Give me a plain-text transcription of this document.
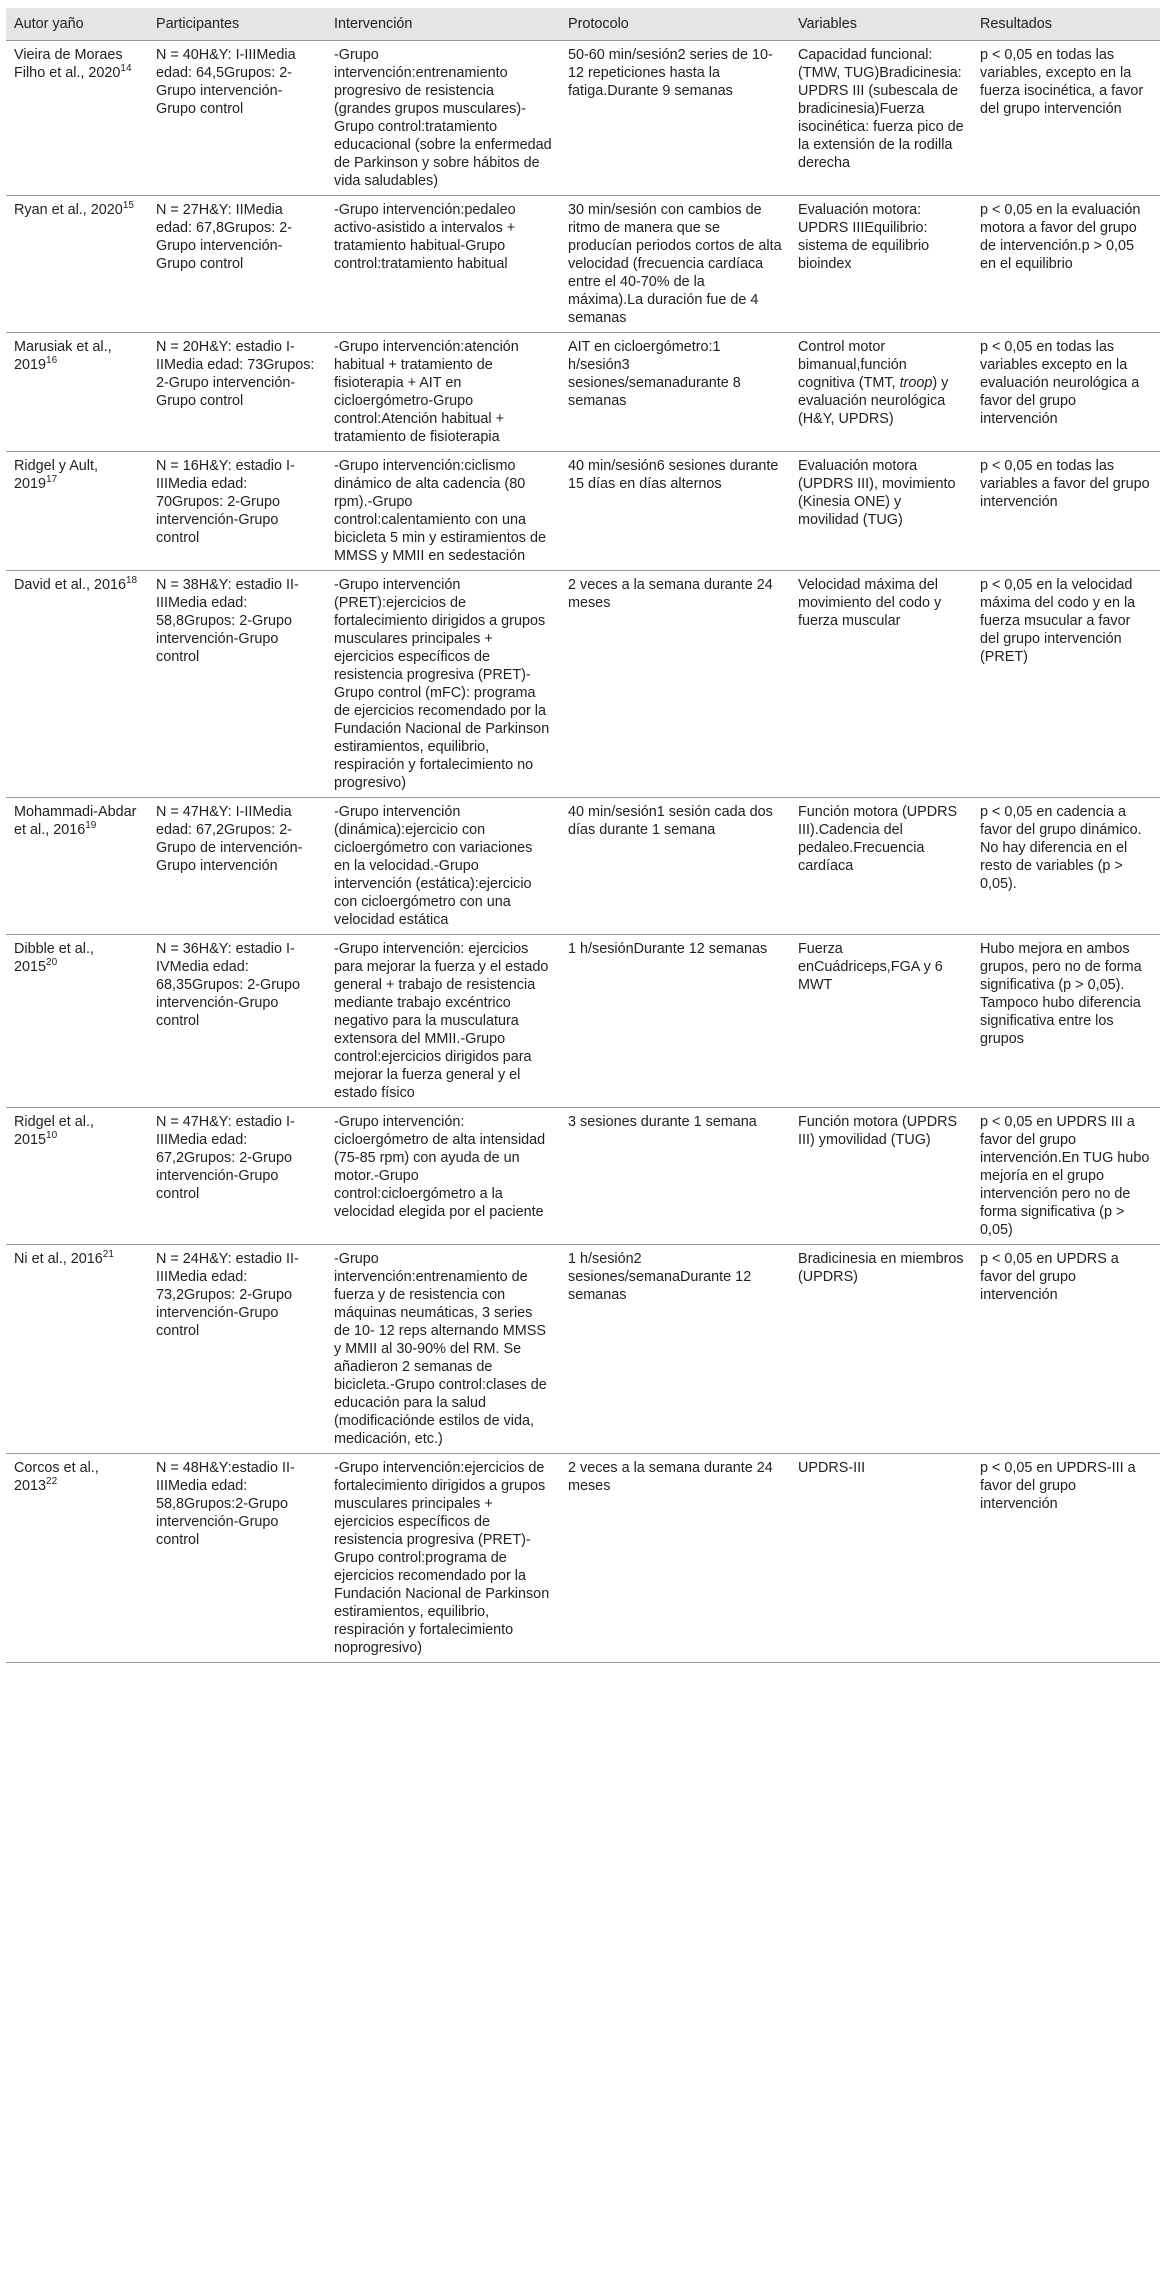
Autor yaño	Participantes	Intervención	Protocolo	Variables	Resultados
Vieira de Moraes Filho et al., 2020$^{14}$	N = 40H&Y: I-IIIMedia edad: 64,5Grupos: 2-Grupo intervención-Grupo control	-Grupo intervención:entrenamiento progresivo de resistencia (grandes grupos musculares)-Grupo control:tratamiento educacional (sobre la enfermedad de Parkinson y sobre hábitos de vida saludables)	50-60 min/sesión2 series de 10-12 repeticiones hasta la fatiga.Durante 9 semanas	Capacidad funcional: (TMW, TUG)Bradicinesia: UPDRS III (subescala de bradicinesia)Fuerza isocinética: fuerza pico de la extensión de la rodilla derecha	p < 0,05 en todas las variables, excepto en la fuerza isocinética, a favor del grupo intervención
Ryan et al., 2020$^{15}$	N = 27H&Y: IIMedia edad: 67,8Grupos: 2-Grupo intervención-Grupo control	-Grupo intervención:pedaleo activo-asistido a intervalos + tratamiento habitual-Grupo control:tratamiento habitual	30 min/sesión con cambios de ritmo de manera que se producían periodos cortos de alta velocidad (frecuencia cardíaca entre el 40-70% de la máxima).La duración fue de 4 semanas	Evaluación motora: UPDRS IIIEquilibrio: sistema de equilibrio bioindex	p < 0,05 en la evaluación motora a favor del grupo de intervención.p > 0,05 en el equilibrio
Marusiak et al., 2019$^{16}$	N = 20H&Y: estadio I-IIMedia edad: 73Grupos: 2-Grupo intervención-Grupo control	-Grupo intervención:atención habitual + tratamiento de fisioterapia + AIT en cicloergómetro-Grupo control:Atención habitual + tratamiento de fisioterapia	AIT en cicloergómetro:1 h/sesión3 sesiones/semanadurante 8 semanas	Control motor bimanual,función cognitiva (TMT, troop) y evaluación neurológica (H&Y, UPDRS)	p < 0,05 en todas las variables excepto en la evaluación neurológica a favor del grupo intervención
Ridgel y Ault, 2019$^{17}$	N = 16H&Y: estadio I-IIIMedia edad: 70Grupos: 2-Grupo intervención-Grupo control	-Grupo intervención:ciclismo dinámico de alta cadencia (80 rpm).-Grupo control:calentamiento con una bicicleta 5 min y estiramientos de MMSS y MMII en sedestación	40 min/sesión6 sesiones durante 15 días en días alternos	Evaluación motora (UPDRS III), movimiento (Kinesia ONE) y movilidad (TUG)	p < 0,05 en todas las variables a favor del grupo intervención
David et al., 2016$^{18}$	N = 38H&Y: estadio II-IIIMedia edad: 58,8Grupos: 2-Grupo intervención-Grupo control	-Grupo intervención (PRET):ejercicios de fortalecimiento dirigidos a grupos musculares principales + ejercicios específicos de resistencia progresiva (PRET)-Grupo control (mFC): programa de ejercicios recomendado por la Fundación Nacional de Parkinson estiramientos, equilibrio, respiración y fortalecimiento no progresivo)	2 veces a la semana durante 24 meses	Velocidad máxima del movimiento del codo y fuerza muscular	p < 0,05 en la velocidad máxima del codo y en la fuerza msucular a favor del grupo intervención (PRET)
Mohammadi-Abdar et al., 2016$^{19}$	N = 47H&Y: I-IIMedia edad: 67,2Grupos: 2-Grupo de intervención-Grupo intervención	-Grupo intervención (dinámica):ejercicio con cicloergómetro con variaciones en la velocidad.-Grupo intervención (estática):ejercicio con cicloergómetro con una velocidad estática	40 min/sesión1 sesión cada dos días durante 1 semana	Función motora (UPDRS III).Cadencia del pedaleo.Frecuencia cardíaca	p < 0,05 en cadencia a favor del grupo dinámico. No hay diferencia en el resto de variables (p > 0,05).
Dibble et al., 2015$^{20}$	N = 36H&Y: estadio I-IVMedia edad: 68,35Grupos: 2-Grupo intervención-Grupo control	-Grupo intervención: ejercicios para mejorar la fuerza y el estado general + trabajo de resistencia mediante trabajo excéntrico negativo para la musculatura extensora del MMII.-Grupo control:ejercicios dirigidos para mejorar la fuerza general y el estado físico	1 h/sesiónDurante 12 semanas	Fuerza enCuádriceps,FGA y 6 MWT	Hubo mejora en ambos grupos, pero no de forma significativa (p > 0,05). Tampoco hubo diferencia significativa entre los grupos
Ridgel et al., 2015$^{10}$	N = 47H&Y: estadio I-IIIMedia edad: 67,2Grupos: 2-Grupo intervención-Grupo control	-Grupo intervención: cicloergómetro de alta intensidad (75-85 rpm) con ayuda de un motor.-Grupo control:cicloergómetro a la velocidad elegida por el paciente	3 sesiones durante 1 semana	Función motora (UPDRS III) ymovilidad (TUG)	p < 0,05 en UPDRS III a favor del grupo intervención.En TUG hubo mejoría en el grupo intervención pero no de forma significativa (p > 0,05)
Ni et al., 2016$^{21}$	N = 24H&Y: estadio II-IIIMedia edad: 73,2Grupos: 2-Grupo intervención-Grupo control	-Grupo intervención:entrenamiento de fuerza y de resistencia con máquinas neumáticas, 3 series de 10- 12 reps alternando MMSS y MMII al 30-90% del RM. Se añadieron 2 semanas de bicicleta.-Grupo control:clases de educación para la salud (modificaciónde estilos de vida, medicación, etc.)	1 h/sesión2 sesiones/semanaDurante 12 semanas	Bradicinesia en miembros (UPDRS)	p < 0,05 en UPDRS a favor del grupo intervención
Corcos et al., 2013$^{22}$	N = 48H&Y:estadio II-IIIMedia edad: 58,8Grupos:2-Grupo intervención-Grupo control	-Grupo intervención:ejercicios de fortalecimiento dirigidos a grupos musculares principales + ejercicios específicos de resistencia progresiva (PRET)-Grupo control:programa de ejercicios recomendado por la Fundación Nacional de Parkinson estiramientos, equilibrio, respiración y fortalecimiento noprogresivo)	2 veces a la semana durante 24 meses	UPDRS-III	p < 0,05 en UPDRS-III a favor del grupo intervención
